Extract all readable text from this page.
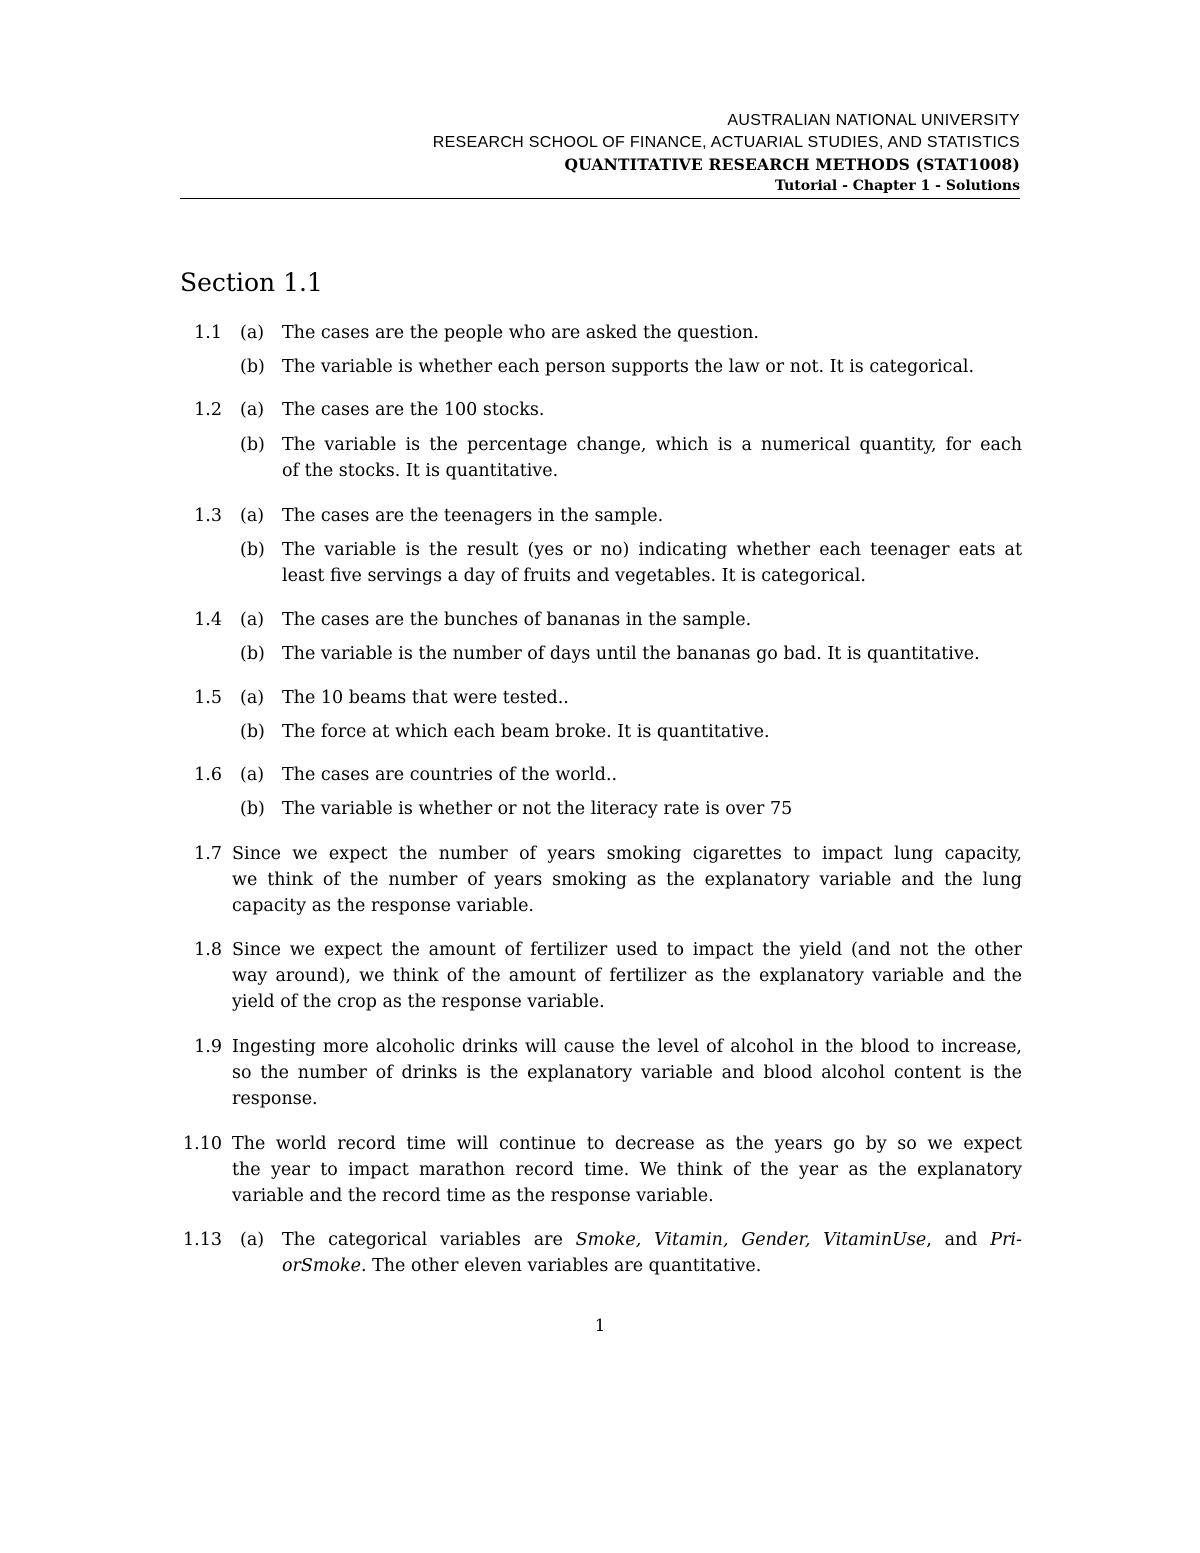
AUSTRALIAN NATIONAL UNIVERSITY
RESEARCH SCHOOL OF FINANCE, ACTUARIAL STUDIES, AND STATISTICS
QUANTITATIVE RESEARCH METHODS (STAT1008)
Tutorial - Chapter 1 - Solutions
Section 1.1
1.1 (a)	The cases are the people who are asked the question.
(b) The variable is whether each person supports the law or not. It is categorical.
1.2 (a)	The cases are the 100 stocks.
(b) The variable is the percentage change, which is a numerical quantity, for each
of the stocks. It is quantitative.
1.3 (a)	The cases are the teenagers in the sample.
(b) The variable is the result (yes or no) indicating whether each teenager eats at
least five servings a day of fruits and vegetables. It is categorical.
1.4 (a)	The cases are the bunches of bananas in the sample.
(b) The variable is the number of days until the bananas go bad. It is quantitative.
1.5 (a)	The 10 beams that were tested..
(b) The force at which each beam broke. It is quantitative.
1.6 (a)	The cases are countries of the world..
(b) The variable is whether or not the literacy rate is over 75
1.7 Since we expect the number of years smoking cigarettes to impact lung capacity,
we think of the number of years smoking as the explanatory variable and the lung
capacity as the response variable.
1.8 Since we expect the amount of fertilizer used to impact the yield (and not the other
way around), we think of the amount of fertilizer as the explanatory variable and the
yield of the crop as the response variable.
1.9 Ingesting more alcoholic drinks will cause the level of alcohol in the blood to increase,
so the number of drinks is the explanatory variable and blood alcohol content is the
response.
1.10 The world record time will continue to decrease as the years go by so we expect
the year to impact marathon record time. We think of the year as the explanatory
variable and the record time as the response variable.
1.13 (a)	The categorical variables are Smoke, Vitamin, Gender, VitaminUse, and Pri-
orSmoke. The other eleven variables are quantitative.
1
